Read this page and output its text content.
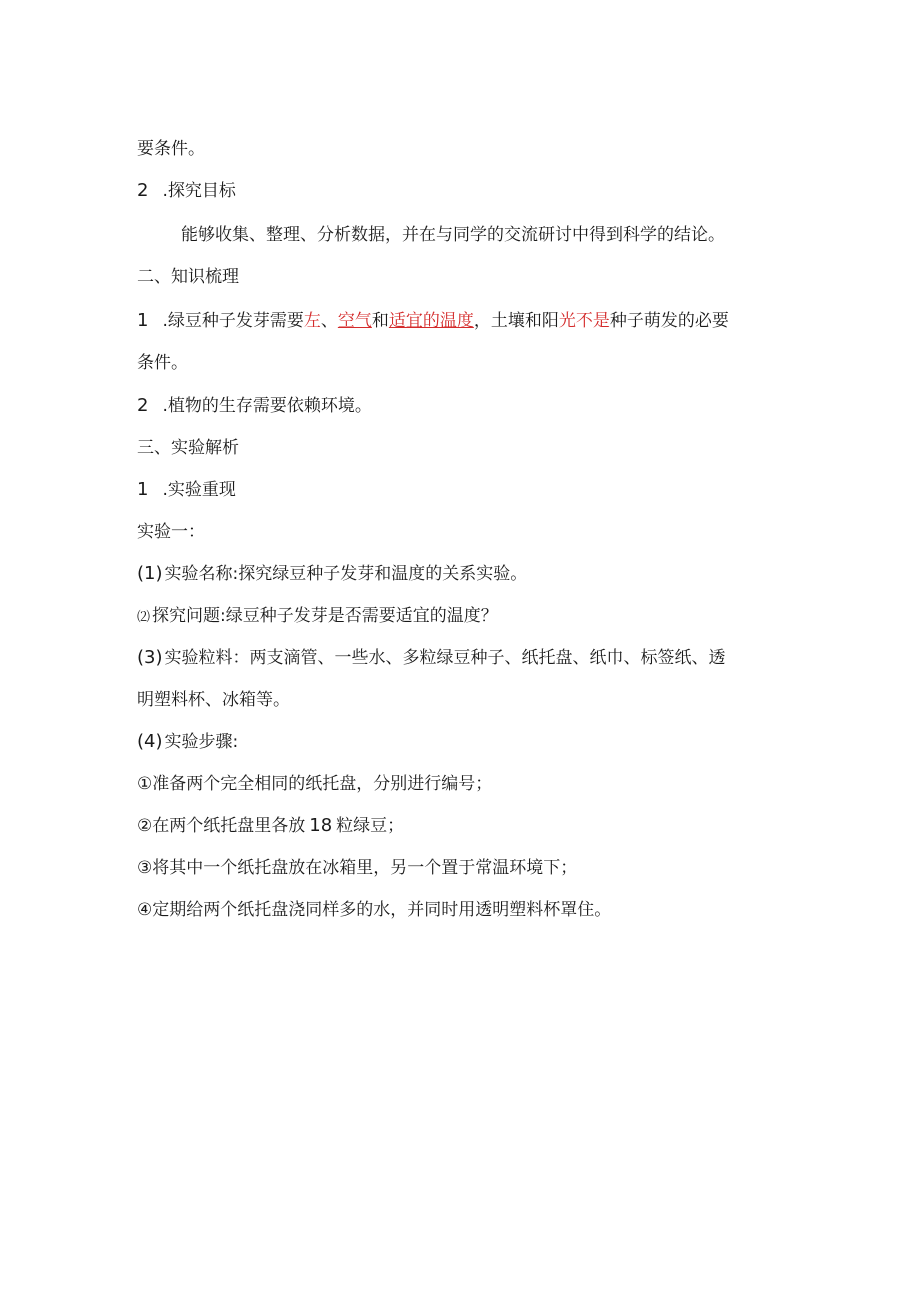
要条件。
2 .探究目标
能够收集、整理、分析数据，并在与同学的交流研讨中得到科学的结论。
二、知识梳理
1 .绿豆种子发芽需要左、空气和适宜的温度，土壤和阳光不是种子萌发的必要
条件。
2 .植物的生存需要依赖环境。
三、实验解析
1 .实验重现
实验一：
(1) 实验名称:探究绿豆种子发芽和温度的关系实验。
⑵ 探究问题:绿豆种子发芽是否需要适宜的温度？
(3) 实验粒料：两支滴管、一些水、多粒绿豆种子、纸托盘、纸巾、标签纸、透
明塑料杯、冰箱等。
(4) 实验步骤:
①准备两个完全相同的纸托盘，分别进行编号；
②在两个纸托盘里各放 18 粒绿豆；
③将其中一个纸托盘放在冰箱里，另一个置于常温环境下；
④定期给两个纸托盘浇同样多的水，并同时用透明塑料杯罩住。
